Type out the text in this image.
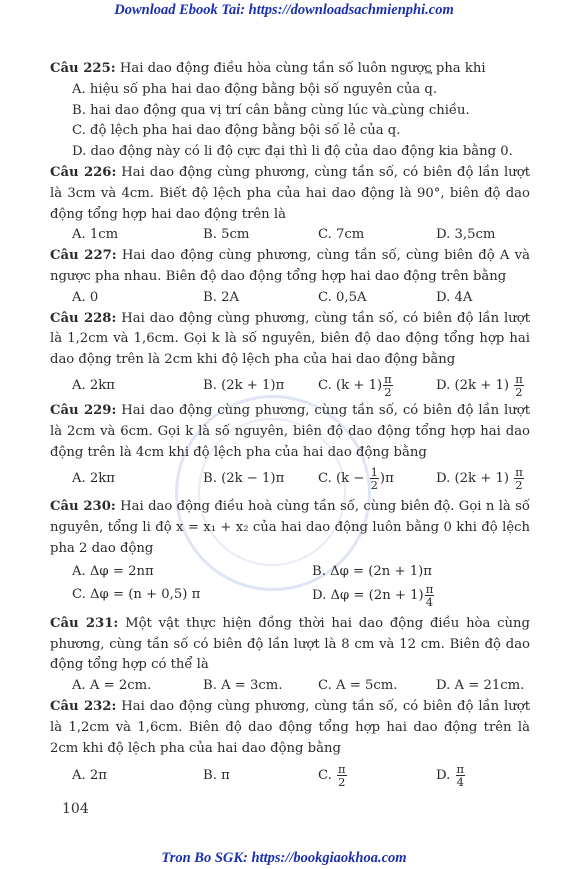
Download Ebook Tai: https://downloadsachmienphi.com
Câu 225: Hai dao động điều hòa cùng tần số luôn ngược pha khi
A. hiệu số pha hai dao động bằng bội số nguyên của → q.
B. hai dao động qua vị trí cân bằng cùng lúc và cùng chiều.
C. độ lệch pha hai dao động bằng bội số lẻ của → q.
D. dao động này có li độ cực đại thì li độ của dao động kia bằng 0.
Câu 226: Hai dao động cùng phương, cùng tần số, có biên độ lần lượt là 3cm và 4cm. Biết độ lệch pha của hai dao động là 90°, biên độ dao động tổng hợp hai dao động trên là
A. 1cm	B. 5cm	C. 7cm	D. 3,5cm
Câu 227: Hai dao động cùng phương, cùng tần số, cùng biên độ A và ngược pha nhau. Biên độ dao động tổng hợp hai dao động trên bằng
A. 0	B. 2A	C. 0,5A	D. 4A
Câu 228: Hai dao động cùng phương, cùng tần số, có biên độ lần lượt là 1,2cm và 1,6cm. Gọi k là số nguyên, biên độ dao động tổng hợp hai dao động trên là 2cm khi độ lệch pha của hai dao động bằng
A. 2kπ	B. (2k + 1)π	C. $(k + 1) \frac{\pi}{2}$	D. $(2k + 1) \frac{\pi}{2}$
Câu 229: Hai dao động cùng phương, cùng tần số, có biên độ lần lượt là 2cm và 6cm. Gọi k là số nguyên, biên độ dao động tổng hợp hai dao động trên là 4cm khi độ lệch pha của hai dao động bằng
A. 2kπ	B. (2k − 1)π	C. $(k - \frac{1}{2} )\pi$	D. $(2k + 1) \frac{\pi}{2}$
Câu 230: Hai dao động điều hoà cùng tần số, cùng biên độ. Gọi n là số nguyên, tổng li độ x = x₁ + x₂ của hai dao động luôn bằng 0 khi độ lệch pha 2 dao động
A. Δφ = 2nπ	B. Δφ = (2n + 1)π
C. Δφ = (n + 0,5) π	D. $\Delta\varphi = (2n + 1) \frac{\pi}{4}$
Câu 231: Một vật thực hiện đồng thời hai dao động điều hòa cùng phương, cùng tần số có biên độ lần lượt là 8 cm và 12 cm. Biên độ dao động tổng hợp có thể là
A. A = 2cm.	B. A = 3cm.	C. A = 5cm.	D. A = 21cm.
Câu 232: Hai dao động cùng phương, cùng tần số, có biên độ lần lượt là 1,2cm và 1,6cm. Biên độ dao động tổng hợp hai dao động trên là 2cm khi độ lệch pha của hai dao động bằng
A. 2π	B. π	C. $\frac{\pi}{2}$	D. $\frac{\pi}{4}$
104
Tron Bo SGK: https://bookgiaokhoa.com
